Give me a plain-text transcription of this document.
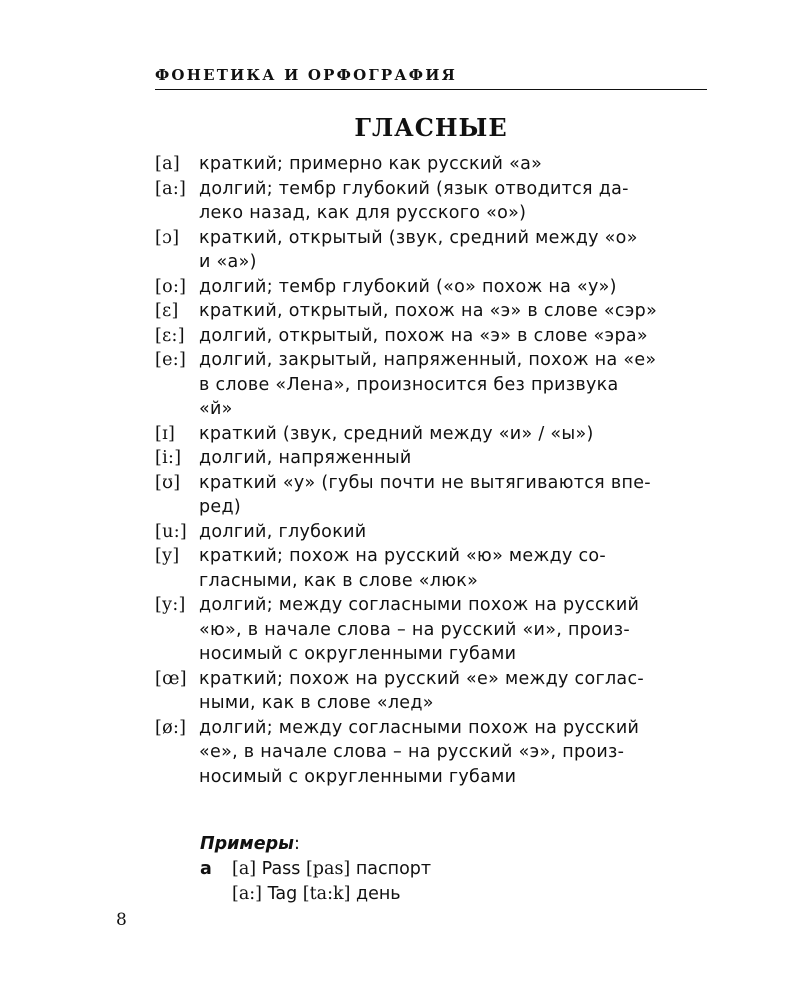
ФОНЕТИКА И ОРФОГРАФИЯ
ГЛАСНЫЕ
[a]	краткий; примерно как русский «а»
[a:] долгий; тембр глубокий (язык отводится да-
леко назад, как для русского «о»)
[ɔ]	краткий, открытый (звук, средний между «о»
и «а»)
[o:] долгий; тембр глубокий («о» похож на «у»)
[ɛ]	краткий, открытый, похож на «э» в слове «сэр»
[ɛ:] долгий, открытый, похож на «э» в слове «эра»
[e:] долгий, закрытый, напряженный, похож на «е»
в слове «Лена», произносится без призвука
«й»
[ɪ]	краткий (звук, средний между «и» / «ы»)
[i:]	долгий, напряженный
[ʊ]	краткий «у» (губы почти не вытягиваются впе-
ред)
[u:] долгий, глубокий
[y]	краткий; похож на русский «ю» между со-
гласными, как в слове «люк»
[y:] долгий; между согласными похож на русский
«ю», в начале слова – на русский «и», произ-
носимый с округленными губами
[œ] краткий; похож на русский «е» между соглас-
ными, как в слове «лед»
[ø:] долгий; между согласными похож на русский
«е», в начале слова – на русский «э», произ-
носимый с округленными губами
Примеры:
a	[a] Pass [pas] паспорт
[a:] Tag [ta:k] день
8
